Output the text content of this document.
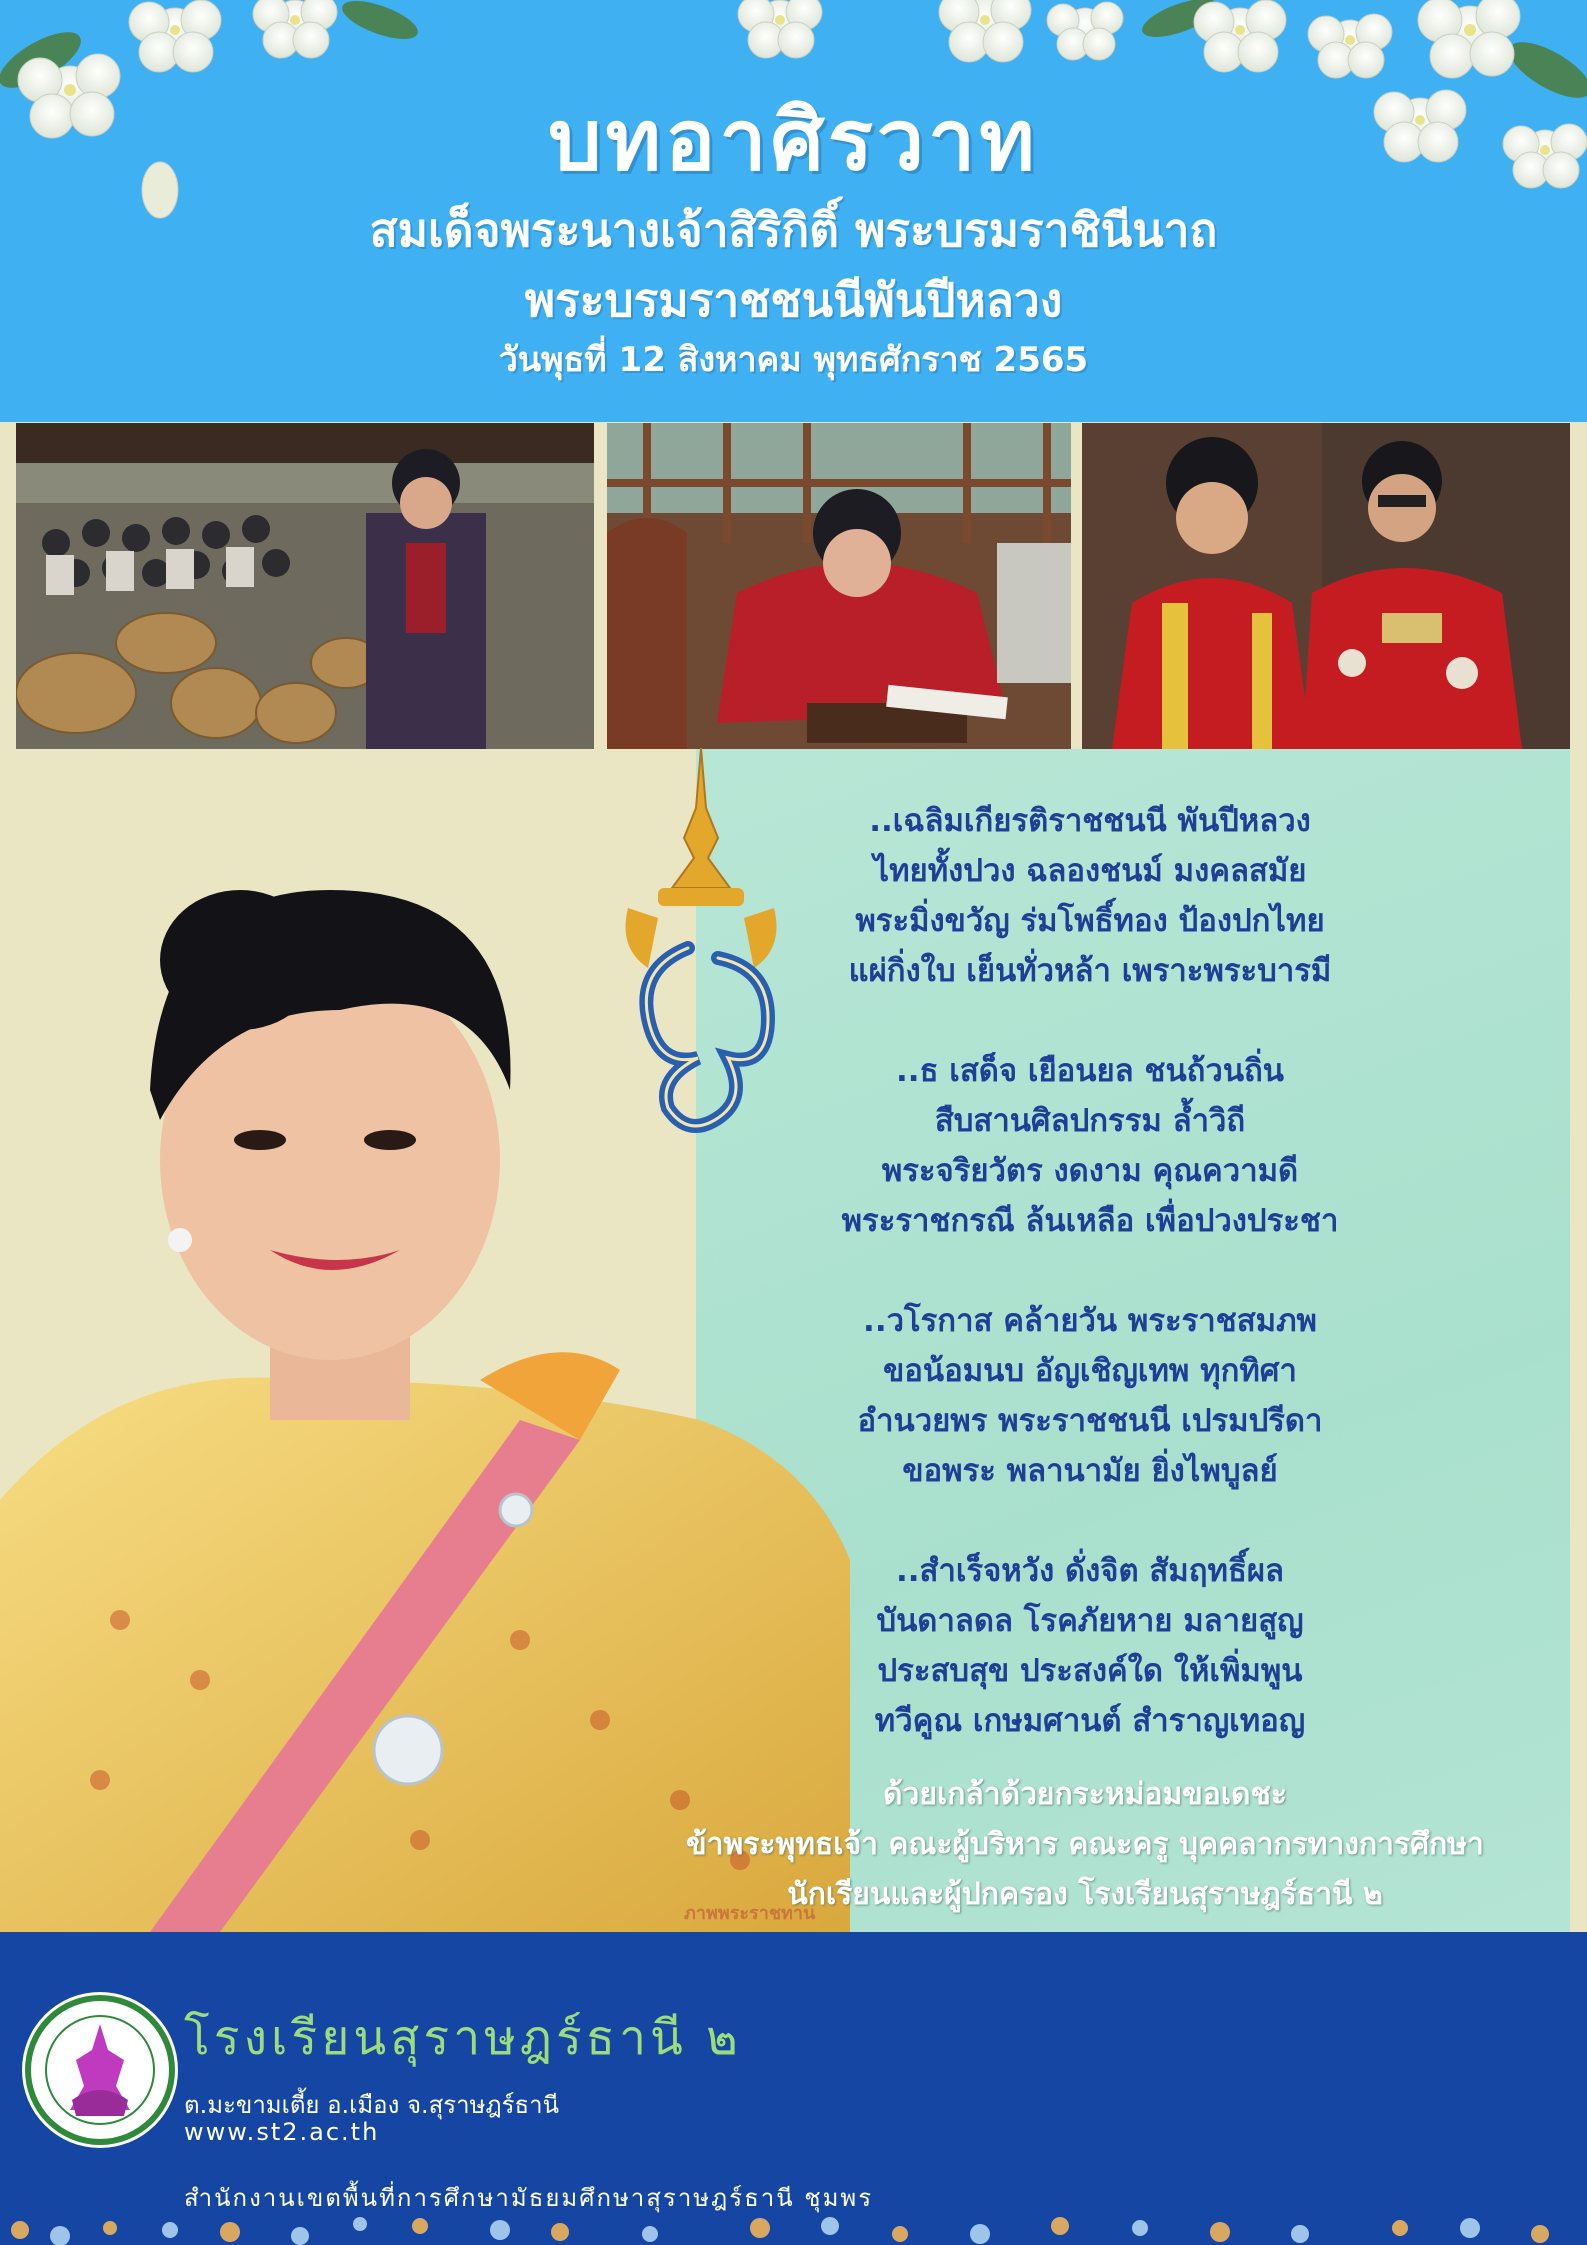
บทอาศิรวาท
สมเด็จพระนางเจ้าสิริกิติ์ พระบรมราชินีนาถ
พระบรมราชชนนีพันปีหลวง
วันพุธที่ 12 สิงหาคม พุทธศักราช 2565
..เฉลิมเกียรติราชชนนี พันปีหลวง
ไทยทั้งปวง ฉลองชนม์ มงคลสมัย
พระมิ่งขวัญ ร่มโพธิ์ทอง ป้องปกไทย
แผ่กิ่งใบ เย็นทั่วหล้า เพราะพระบารมี
..ธ เสด็จ เยือนยล ชนถ้วนถิ่น
สืบสานศิลปกรรม ล้ำวิถี
พระจริยวัตร งดงาม คุณความดี
พระราชกรณี ล้นเหลือ เพื่อปวงประชา
..วโรกาส คล้ายวัน พระราชสมภพ
ขอน้อมนบ อัญเชิญเทพ ทุกทิศา
อำนวยพร พระราชชนนี เปรมปรีดา
ขอพระ พลานามัย ยิ่งไพบูลย์
..สำเร็จหวัง ดั่งจิต สัมฤทธิ์ผล
บันดาลดล โรคภัยหาย มลายสูญ
ประสบสุข ประสงค์ใด ให้เพิ่มพูน
ทวีคูณ เกษมศานต์ สำราญเทอญ
ด้วยเกล้าด้วยกระหม่อมขอเดชะ
ข้าพระพุทธเจ้า คณะผู้บริหาร คณะครู บุคคลากรทางการศึกษา
นักเรียนและผู้ปกครอง โรงเรียนสุราษฎร์ธานี ๒
ภาพพระราชทาน
โรงเรียนสุราษฎร์ธานี ๒
ต.มะขามเตี้ย อ.เมือง จ.สุราษฎร์ธานี
www.st2.ac.th
สำนักงานเขตพื้นที่การศึกษามัธยมศึกษาสุราษฎร์ธานี ชุมพร
